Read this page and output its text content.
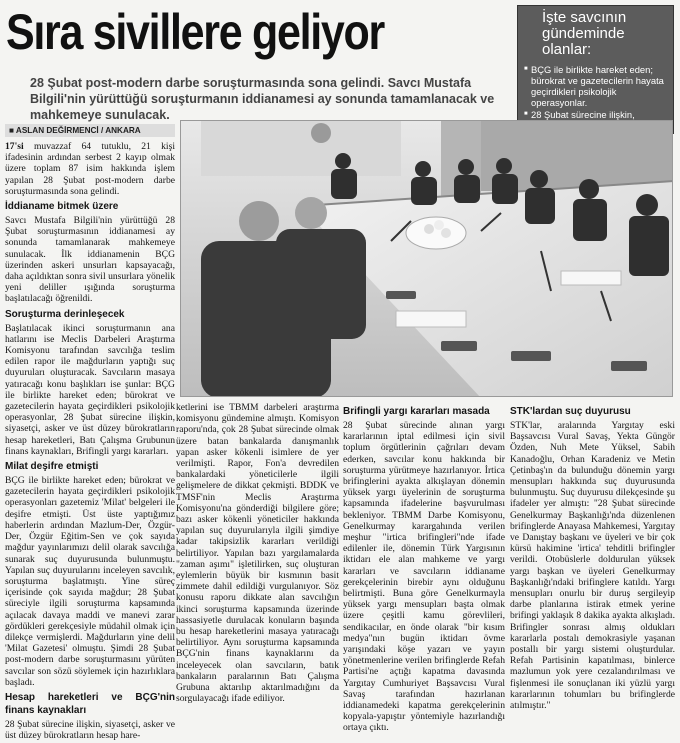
Sıra sivillere geliyor	İşte savcının
gündeminde olanlar:
■ BÇG ile birlikte hareket eden; bürokrat ve gazetecilerin hayata geçirdikleri psikolojik operasyonlar.
■ 28 Şubat sürecine ilişkin,
■
■
28 Şubat post-modern darbe soruşturmasında sona gelindi. Savcı Mustafa Bilgili'nin yürüttüğü soruşturmanın iddianamesi ay sonunda tamamlanacak ve mahkemeye sunulacak.
■ ASLAN DEĞİRMENCİ / ANKARA

17'si muvazzaf 64 tutuklu, 21 kişi ifadesinin ardından serbest 2 kayıp olmak üzere toplam 87 isim hakkında işlem yapılan 28 Şubat post-modern darbe soruşturmasında sona gelindi.

İddianame bitmek üzere

Savcı Mustafa Bilgili'nin yürüttüğü 28 Şubat soruşturmasının iddianamesi ay sonunda tamamlanarak mahkemeye sunulacak. İlk iddianamenin BÇG üzerinden askeri unsurları kapsayacağı, daha açıldıktan sonra sivil unsurlara yönelik yeni deliller ışığında soruşturma başlatılacağı öğrenildi.

Soruşturma derinleşecek

Başlatılacak ikinci soruşturmanın ana hatlarını ise Meclis Darbeleri Araştırma Komisyonu tarafından savcılığa teslim edilen rapor ile mağdurların yaptığı suç duyuruları oluşturacak. Savcıların masaya yatıracağı konu başlıkları ise şunlar: BÇG ile birlikte hareket eden; bürokrat ve gazetecilerin hayata geçirdikleri psikolojik operasyonlar, 28 Şubat sürecine ilişkin, siyasetçi, asker ve üst düzey bürokratların hesap hareketleri, Batı Çalışma Grubunun finans kaynakları, Brifingli yargı kararları.

Milat deşifre etmişti

BÇG ile birlikte hareket eden; bürokrat ve gazetecilerin hayata geçirdikleri psikolojik operasyonları gazetemiz 'Milat' belgeleri ile deşifre etmişti. Üst üste yaptığımız haberlerin ardından Mazlum-Der, Özgür-Der, Özgür Eğitim-Sen ve çok sayıda mağdur yayınlarımızı delil olarak savcılığa sunarak suç duyurusunda bulunmuştu. Yapılan suç duyurularını inceleyen savcılık, soruşturma başlatmıştı. Yine süreç içerisinde çok sayıda mağdur; 28 Şubat süreciyle ilgili soruşturma kapsamında açılacak davaya maddi ve manevi zarar gördükleri gerekçesiyle müdahil olmak için dilekçe vermişlerdi. Mağdurların yine delil 'Milat Gazetesi' olmuştu. Şimdi 28 Şubat post-modern darbe soruşturmasını yürüten savcılar son sözü söylemek için hazırlıklara başladı.

Hesap hareketleri ve BÇG'nin finans kaynakları

28 Şubat sürecine ilişkin, siyasetçi, asker ve üst düzey bürokratların hesap hare-

ketlerini ise TBMM darbeleri araştırma komisyonu gündemine almıştı. Komisyon raporu'nda, çok 28 Şubat sürecinde olmak üzere batan bankalarda danışmanlık yapan asker kökenli isimlere de yer verilmişti. Rapor, Fon'a devredilen bankalardaki yöneticilerle ilgili gelişmelere de dikkat çekmişti. BDDK ve TMSF'nin Meclis Araştırma Komisyonu'na gönderdiği bilgilere göre; bazı asker kökenli yöneticiler hakkında yapılan suç duyurularıyla ilgili şimdiye kadar takipsizlik kararları verildiği belirtiliyor. Yapılan bazı yargılamalarda "zaman aşımı" işletilirken, suç oluşturan eylemlerin büyük bir kısmının basit zimmete dahil edildiği vurgulanıyor. Söz konusu raporu dikkate alan savcılığın ikinci soruşturma kapsamında üzerinde hassasiyetle durulacak konuların başında bu hesap hareketlerini masaya yatıracağı belirtiliyor. Aynı soruşturma kapsamında BÇG'nin finans kaynaklarını da inceleyecek olan savcıların, batık bankaların paralarının Batı Çalışma Grubuna aktarılıp aktarılmadığını da sorgulayacağı ifade ediliyor.

Brifingli yargı kararları masada

28 Şubat sürecinde alınan yargı kararlarının iptal edilmesi için sivil toplum örgütlerinin çağrıları devam ederken, savcılar konu hakkında bir soruşturma yürütmeye hazırlanıyor. İrtica brifinglerini ayakta alkışlayan dönemin yüksek yargı üyelerinin de soruşturma kapsamında ifadelerine başvurulması bekleniyor. TBMM Darbe Komisyonu, Genelkurmay karargahında verilen meşhur "irtica brifingleri"nde ifade edilenler ile, dönemin Türk Yargısının iktidarı ele alan mahkeme ve yargı kararları ve savcıların iddianame gerekçelerinin birebir aynı olduğunu belirtmişti. Buna göre Genelkurmayla yüksek yargı mensupları başta olmak üzere çeşitli kamu görevlileri, sendikacılar, en önde olarak "bir kısım medya"nın bugün iktidarı övme yarışındaki köşe yazarı ve yayın yönetmenlerine verilen brifinglerde Refah Partisi'ne açtığı kapatma davasında Yargıtay Cumhuriyet Başsavcısı Vural Savaş tarafından hazırlanan iddianamedeki kapatma gerekçelerinin kopyala-yapıştır yöntemiyle hazırlandığı ortaya çıktı.

STK'lardan suç duyurusu

STK'lar, aralarında Yargıtay eski Başsavcısı Vural Savaş, Yekta Güngör Özden, Nuh Mete Yüksel, Sabih Kanadoğlu, Orhan Karadeniz ve Metin Çetinbaş'ın da bulunduğu dönemin yargı mensupları hakkında suç duyurusunda bulunmuştu. Suç duyurusu dilekçesinde şu ifadeler yer almıştı: "28 Şubat sürecinde Genelkurmay Başkanlığı'nda düzenlenen brifinglerde Anayasa Mahkemesi, Yargıtay ve Danıştay başkanı ve üyeleri ve bir çok kürsü hakimine 'irtica' tehditli brifingler verildi. Otobüslerle doldurulan yüksek yargı başkan ve üyeleri Genelkurmay Başkanlığı'ndaki brifinglere katıldı. Yargı mensupları onurlu bir duruş sergileyip darbe planlarına istirak etmek yerine brifingi yaklaşık 8 dakika ayakta alkışladı. Brifingler sonrası almış oldukları kararlarla postalı demokrasiyle yaşanan postallı bir yargı sistemi oluşturdular. Refah Partisinin kapatılması, binlerce mazlumun yok yere cezalandırılması ve fişlenmesi ile sonuçlanan iki yüzlü yargı kararlarının tohumları bu brifinglerde atılmıştır."
